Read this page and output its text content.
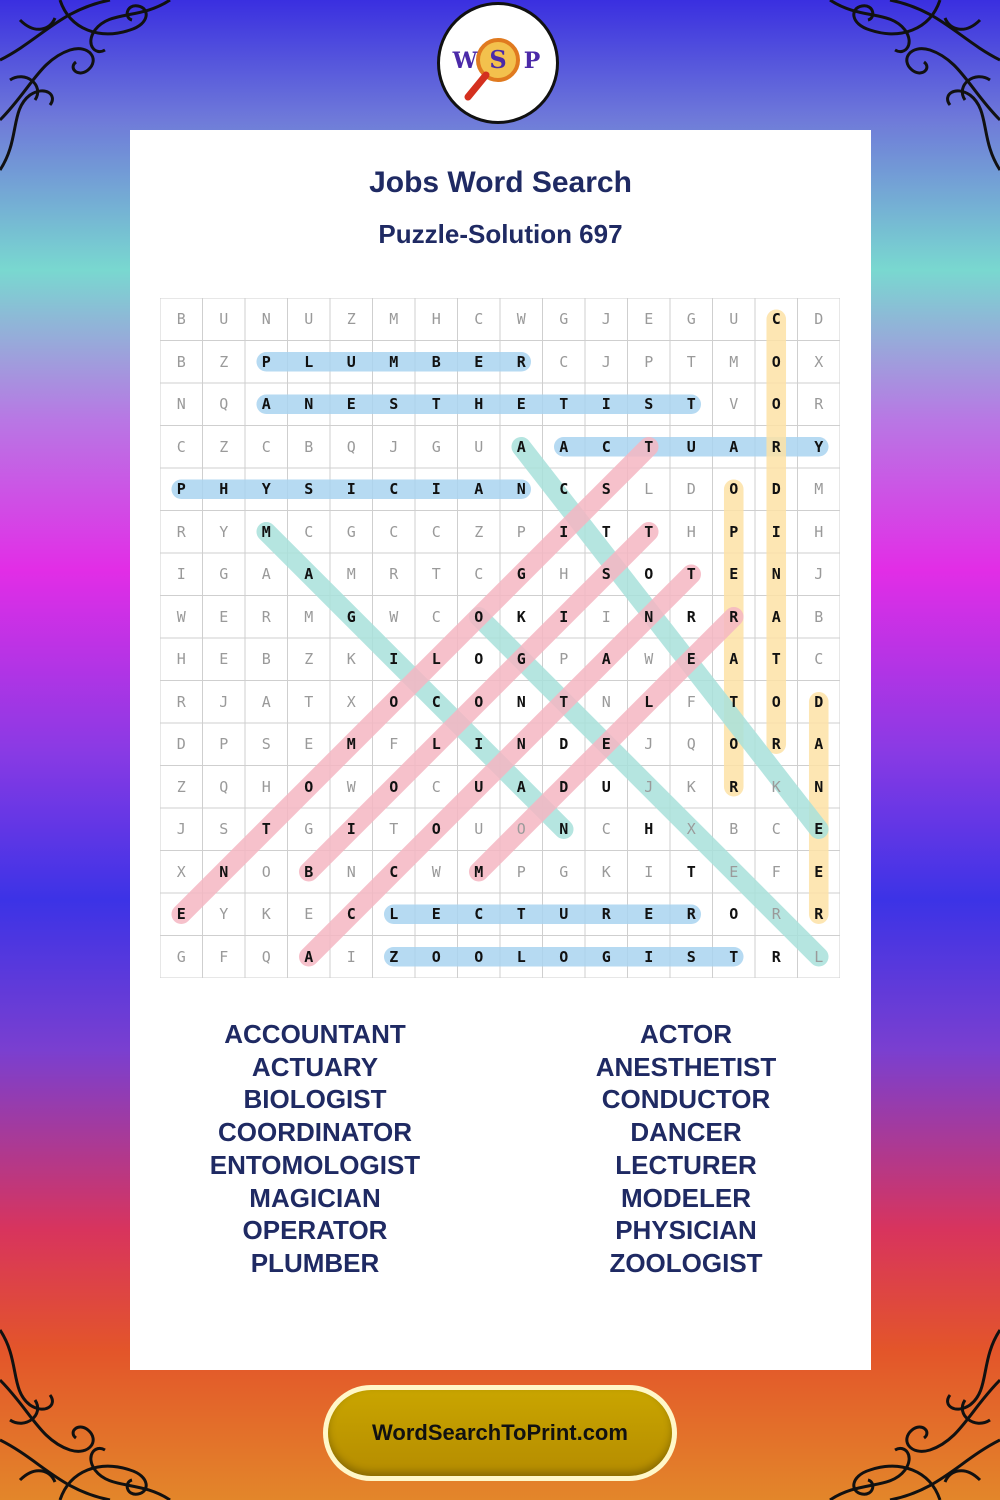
S
W P
Jobs Word Search
Puzzle-Solution 697
B	U	N	U	Z	M	H	C	W	G	J	E	G	U	C	D
B	Z	P	L	U	M	B	E	R	C	J	P	T	M	O	X
N	Q	A	N	E	S	T	H	E	T	I	S	T	V	O	R
C	Z	C	B	Q	J	G	U	A	A	C	T	U	A	R	Y
P	H	Y	S	I	C	I	A	N	C	S	L	D	O	D	M
R	Y	M	C	G	C	C	Z	P	I	T	T	H	P	I	H
I	G	A	A	M	R	T	C	G	H	S	O	T	E	N	J
W	E	R	M	G	W	C	O	K	I	I	N	R	R	A	B
H	E	B	Z	K	I	L	O	G	P	A	W	E	A	T	C
R	J	A	T	X	O	C	O	N	T	N	L	F	T	O	D
D	P	S	E	M	F	L	I	N	D	E	J	Q	O	R	A
Z	Q	H	O	W	O	C	U	A	D	U	J	K	R	K	N
J	S	T	G	I	T	O	U	O	N	C	H	X	B	C	E
X	N	O	B	N	C	W	M	P	G	K	I	T	E	F	E
E	Y	K	E	C	L	E	C	T	U	R	E	R	O	R	R
G	F	Q	A	I	Z	O	O	L	O	G	I	S	T	R	L
ACCOUNTANT
ACTUARY
BIOLOGIST
COORDINATOR
ENTOMOLOGIST
MAGICIAN
OPERATOR
PLUMBER
ACTOR
ANESTHETIST
CONDUCTOR
DANCER
LECTURER
MODELER
PHYSICIAN
ZOOLOGIST
WordSearchToPrint.com
